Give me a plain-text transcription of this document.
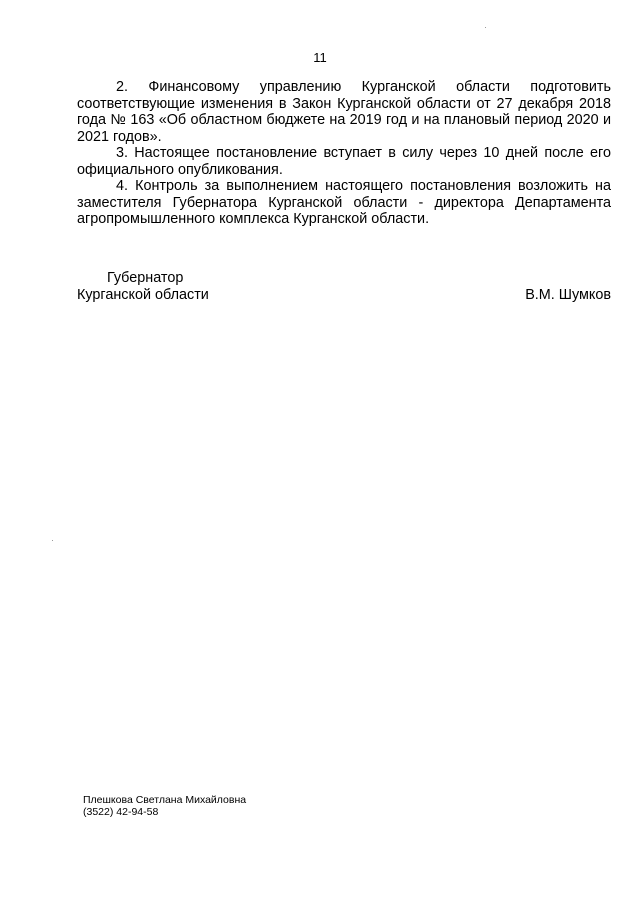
11

2. Финансовому управлению Курганской области подготовить соответствующие изменения в Закон Курганской области от 27 декабря 2018 года № 163 «Об областном бюджете на 2019 год и на плановый период 2020 и 2021 годов».

3. Настоящее постановление вступает в силу через 10 дней после его официального опубликования.

4. Контроль за выполнением настоящего постановления возложить на заместителя Губернатора Курганской области - директора Департамента агропромышленного комплекса Курганской области.

Губернатор
Курганской области	В.М. Шумков
Плешкова Светлана Михайловна
(3522) 42-94-58
